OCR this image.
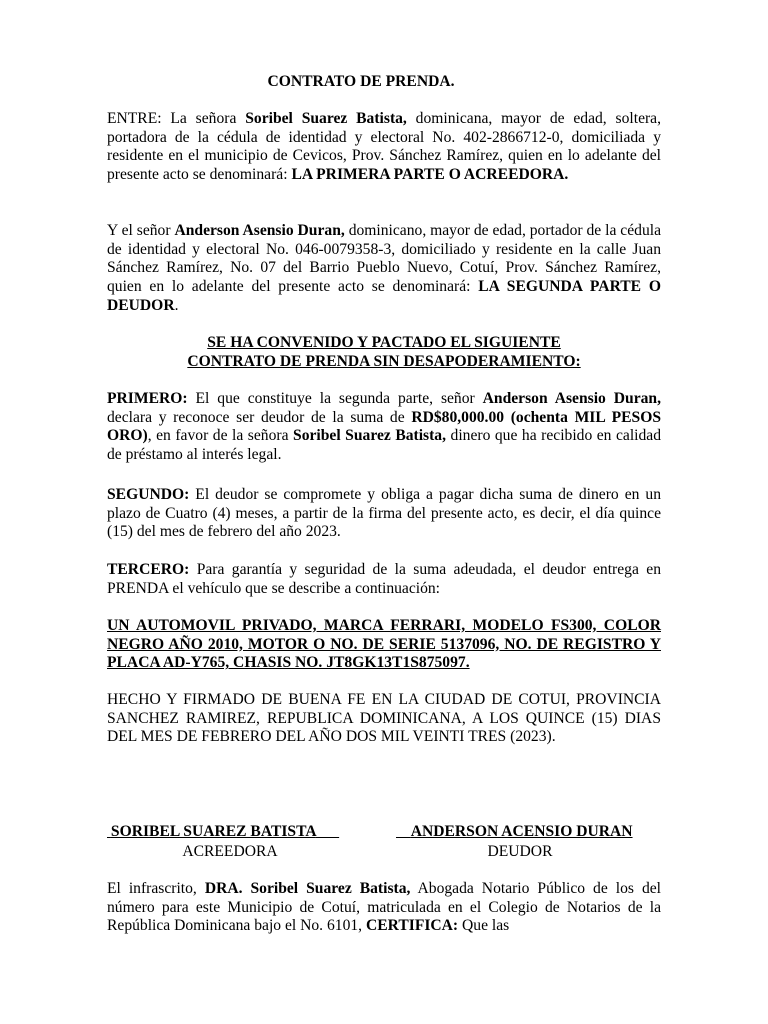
CONTRATO DE PRENDA.
ENTRE: La señora Soribel Suarez Batista, dominicana, mayor de edad, soltera, portadora de la cédula de identidad y electoral No. 402-2866712-0, domiciliada y residente en el municipio de Cevicos, Prov. Sánchez Ramírez, quien en lo adelante del presente acto se denominará: LA PRIMERA PARTE O ACREEDORA.
Y el señor Anderson Asensio Duran, dominicano, mayor de edad, portador de la cédula de identidad y electoral No. 046-0079358-3, domiciliado y residente en la calle Juan Sánchez Ramírez, No. 07 del Barrio Pueblo Nuevo, Cotuí, Prov. Sánchez Ramírez, quien en lo adelante del presente acto se denominará: LA SEGUNDA PARTE O DEUDOR.
SE HA CONVENIDO Y PACTADO EL SIGUIENTE
CONTRATO DE PRENDA SIN DESAPODERAMIENTO:
PRIMERO: El que constituye la segunda parte, señor Anderson Asensio Duran, declara y reconoce ser deudor de la suma de RD$80,000.00 (ochenta MIL PESOS ORO), en favor de la señora Soribel Suarez Batista, dinero que ha recibido en calidad de préstamo al interés legal.
SEGUNDO: El deudor se compromete y obliga a pagar dicha suma de dinero en un plazo de Cuatro (4) meses, a partir de la firma del presente acto, es decir, el día quince (15) del mes de febrero del año 2023.
TERCERO: Para garantía y seguridad de la suma adeudada, el deudor entrega en PRENDA el vehículo que se describe a continuación:
UN AUTOMOVIL PRIVADO, MARCA FERRARI, MODELO FS300, COLOR NEGRO AÑO 2010, MOTOR O NO. DE SERIE 5137096, NO. DE REGISTRO Y PLACA AD-Y765, CHASIS NO. JT8GK13T1S875097.
HECHO Y FIRMADO DE BUENA FE EN LA CIUDAD DE COTUI, PROVINCIA SANCHEZ RAMIREZ, REPUBLICA DOMINICANA, A LOS QUINCE (15) DIAS DEL MES DE FEBRERO DEL AÑO DOS MIL VEINTI TRES (2023).
SORIBEL SUAREZ BATISTA	ANDERSON ACENSIO DURAN
ACREEDORA	DEUDOR
El infrascrito, DRA. Soribel Suarez Batista, Abogada Notario Público de los del número para este Municipio de Cotuí, matriculada en el Colegio de Notarios de la República Dominicana bajo el No. 6101, CERTIFICA: Que las
